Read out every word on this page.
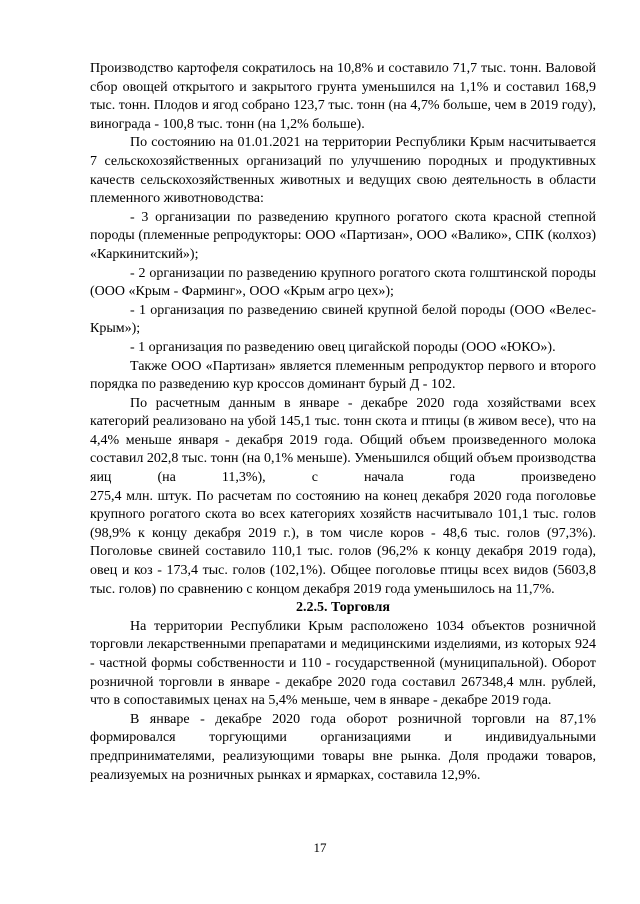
Производство картофеля сократилось на 10,8% и составило 71,7 тыс. тонн. Валовой сбор овощей открытого и закрытого грунта уменьшился на 1,1% и составил 168,9 тыс. тонн. Плодов и ягод собрано 123,7 тыс. тонн (на 4,7% больше, чем в 2019 году), винограда - 100,8 тыс. тонн (на 1,2% больше).

По состоянию на 01.01.2021 на территории Республики Крым насчитывается 7 сельскохозяйственных организаций по улучшению породных и продуктивных качеств сельскохозяйственных животных и ведущих свою деятельность в области племенного животноводства:

- 3 организации по разведению крупного рогатого скота красной степной породы (племенные репродукторы: ООО «Партизан», ООО «Валико», СПК (колхоз) «Каркинитский»);

- 2 организации по разведению крупного рогатого скота голштинской породы (ООО «Крым - Фарминг», ООО «Крым агро цех»);

- 1 организация по разведению свиней крупной белой породы (ООО «Велес-Крым»);

- 1 организация по разведению овец цигайской породы (ООО «ЮКО»).

Также ООО «Партизан» является племенным репродуктор первого и второго порядка по разведению кур кроссов доминант бурый Д - 102.

По расчетным данным в январе - декабре 2020 года хозяйствами всех категорий реализовано на убой 145,1 тыс. тонн скота и птицы (в живом весе), что на 4,4% меньше января - декабря 2019 года. Общий объем произведенного молока составил 202,8 тыс. тонн (на 0,1% меньше). Уменьшился общий объем производства яиц (на 11,3%), с начала года произведено

275,4 млн. штук. По расчетам по состоянию на конец декабря 2020 года поголовье крупного рогатого скота во всех категориях хозяйств насчитывало 101,1 тыс. голов (98,9% к концу декабря 2019 г.), в том числе коров - 48,6 тыс. голов (97,3%). Поголовье свиней составило 110,1 тыс. голов (96,2% к концу декабря 2019 года), овец и коз - 173,4 тыс. голов (102,1%). Общее поголовье птицы всех видов (5603,8 тыс. голов) по сравнению с концом декабря 2019 года уменьшилось на 11,7%.

2.2.5. Торговля

На территории Республики Крым расположено 1034 объектов розничной торговли лекарственными препаратами и медицинскими изделиями, из которых 924 - частной формы собственности и 110 - государственной (муниципальной). Оборот розничной торговли в январе - декабре 2020 года составил 267348,4 млн. рублей, что в сопоставимых ценах на 5,4% меньше, чем в январе - декабре 2019 года.

В январе - декабре 2020 года оборот розничной торговли на 87,1% формировался торгующими организациями и индивидуальными предпринимателями, реализующими товары вне рынка. Доля продажи товаров, реализуемых на розничных рынках и ярмарках, составила 12,9%.

17
